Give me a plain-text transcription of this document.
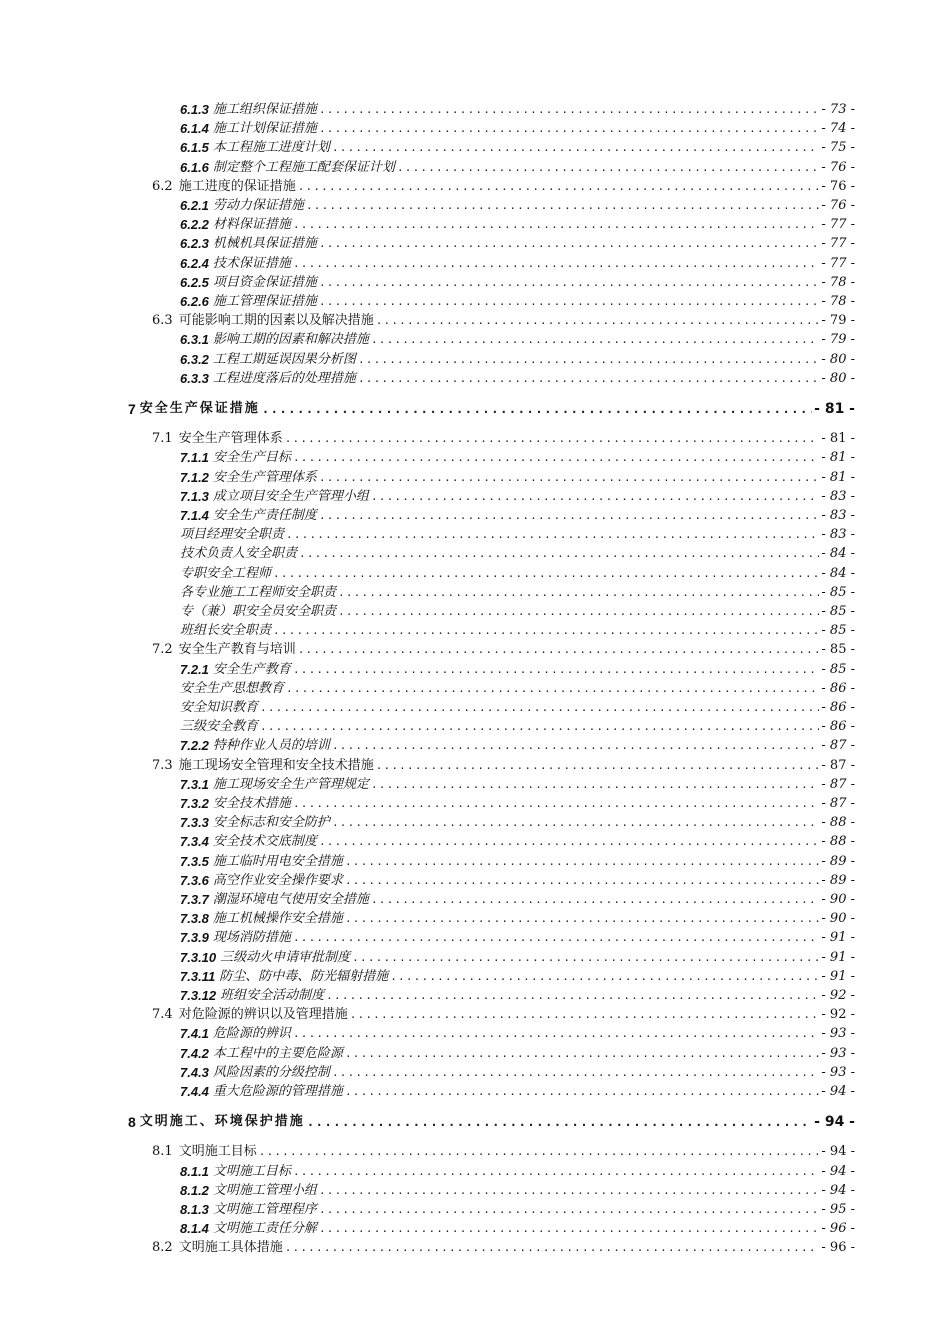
6.1.3 施工组织保证措施 .....	- 73 -
6.1.4 施工计划保证措施 .....	- 74 -
6.1.5 本工程施工进度计划 .....	- 75 -
6.1.6 制定整个工程施工配套保证计划 .....	- 76 -
6.2 施工进度的保证措施 .....	- 76 -
6.2.1 劳动力保证措施 .....	- 76 -
6.2.2 材料保证措施 .....	- 77 -
6.2.3 机械机具保证措施 .....	- 77 -
6.2.4 技术保证措施 .....	- 77 -
6.2.5 项目资金保证措施 .....	- 78 -
6.2.6 施工管理保证措施 .....	- 78 -
6.3 可能影响工期的因素以及解决措施 .....	- 79 -
6.3.1 影响工期的因素和解决措施 .....	- 79 -
6.3.2 工程工期延误因果分析图 .....	- 80 -
6.3.3 工程进度落后的处理措施 .....	- 80 -
7 安全生产保证措施 .....	- 81 -
7.1 安全生产管理体系 .....	- 81 -
7.1.1 安全生产目标 .....	- 81 -
7.1.2 安全生产管理体系 .....	- 81 -
7.1.3 成立项目安全生产管理小组 .....	- 83 -
7.1.4 安全生产责任制度 .....	- 83 -
项目经理安全职责 .....	- 83 -
技术负责人安全职责 .....	- 84 -
专职安全工程师 .....	- 84 -
各专业施工工程师安全职责 .....	- 85 -
专（兼）职安全员安全职责 .....	- 85 -
班组长安全职责 .....	- 85 -
7.2 安全生产教育与培训 .....	- 85 -
7.2.1 安全生产教育 .....	- 85 -
安全生产思想教育 .....	- 86 -
安全知识教育 .....	- 86 -
三级安全教育 .....	- 86 -
7.2.2 特种作业人员的培训 .....	- 87 -
7.3 施工现场安全管理和安全技术措施 .....	- 87 -
7.3.1 施工现场安全生产管理规定 .....	- 87 -
7.3.2 安全技术措施 .....	- 87 -
7.3.3 安全标志和安全防护 .....	- 88 -
7.3.4 安全技术交底制度 .....	- 88 -
7.3.5 施工临时用电安全措施 .....	- 89 -
7.3.6 高空作业安全操作要求 .....	- 89 -
7.3.7 潮湿环境电气使用安全措施 .....	- 90 -
7.3.8 施工机械操作安全措施 .....	- 90 -
7.3.9 现场消防措施 .....	- 91 -
7.3.10 三级动火申请审批制度 .....	- 91 -
7.3.11 防尘、防中毒、防光辐射措施 .....	- 91 -
7.3.12 班组安全活动制度 .....	- 92 -
7.4 对危险源的辨识以及管理措施 .....	- 92 -
7.4.1 危险源的辨识 .....	- 93 -
7.4.2 本工程中的主要危险源 .....	- 93 -
7.4.3 风险因素的分级控制 .....	- 93 -
7.4.4 重大危险源的管理措施 .....	- 94 -
8 文明施工、环境保护措施 .....	- 94 -
8.1 文明施工目标 .....	- 94 -
8.1.1 文明施工目标 .....	- 94 -
8.1.2 文明施工管理小组 .....	- 94 -
8.1.3 文明施工管理程序 .....	- 95 -
8.1.4 文明施工责任分解 .....	- 96 -
8.2 文明施工具体措施 .....	- 96 -
